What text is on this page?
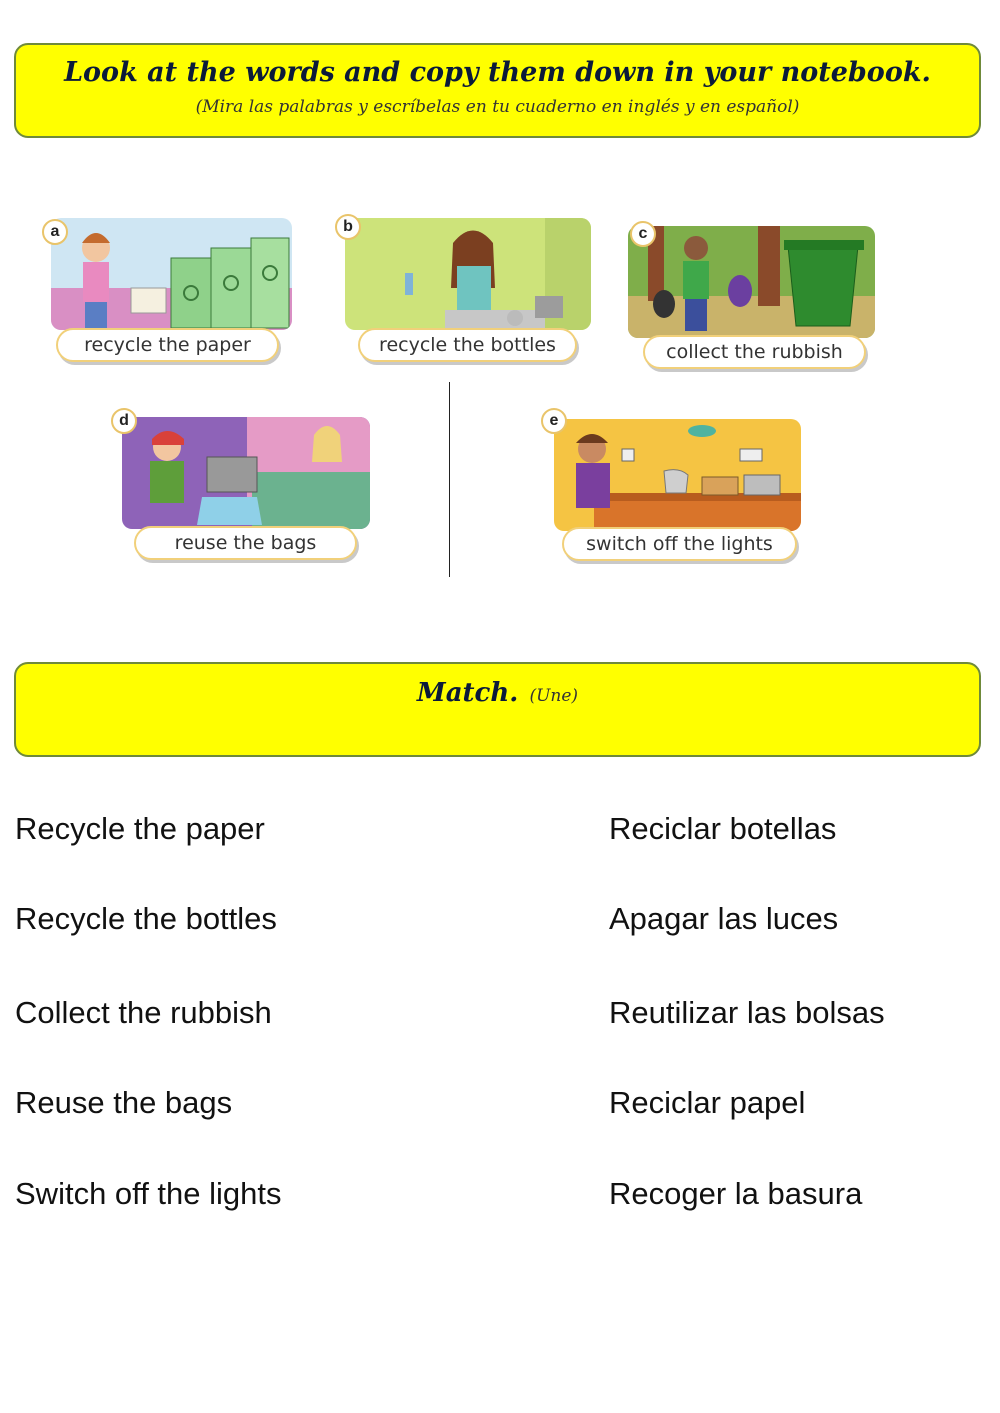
Look at the words and copy them down in your notebook.
(Mira las palabras y escríbelas en tu cuaderno en inglés y en español)
a
recycle the paper
b
recycle the bottles
c
collect the rubbish
d
reuse the bags
e
switch off the lights
Match. (Une)
Recycle the paper
Recycle the bottles
Collect the rubbish
Reuse the bags
Switch off the lights
Reciclar botellas
Apagar las luces
Reutilizar las bolsas
Reciclar papel
Recoger la basura
